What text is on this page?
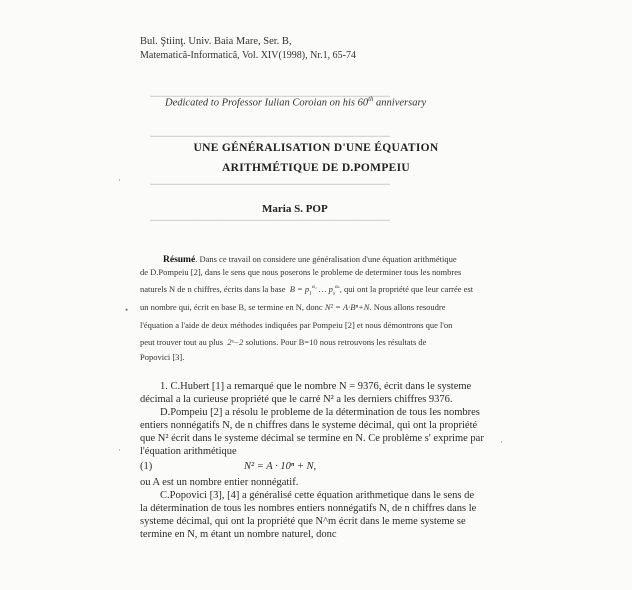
▁▁▁▁▁▁▁▁▁▁▁▁▁▁▁▁▁▁▁▁▁▁▁▁▁▁▁▁▁▁▁▁▁▁▁▁▁▁▁
▁▁▁▁▁▁▁▁▁▁▁▁▁▁▁▁▁▁▁▁▁▁▁▁▁▁▁▁▁▁▁▁▁▁▁▁▁▁▁
▁▁▁▁▁▁▁▁▁▁▁▁▁▁▁▁▁▁▁▁▁▁▁▁▁▁▁▁▁▁▁▁▁▁▁▁▁▁▁
▁▁▁▁▁▁▁▁▁▁▁▁▁▁▁▁▁▁▁▁▁▁▁▁▁▁▁▁▁▁▁▁▁▁▁▁▁▁▁
·
•
·
·
Bul. Ştiinţ. Univ. Baia Mare, Ser. B,
Matematică-Informatică, Vol. XIV(1998), Nr.1, 65-74
Dedicated to Professor Iulian Coroian on his 60th anniversary
UNE GÉNÉRALISATION D'UNE ÉQUATION
ARITHMÉTIQUE DE D.POMPEIU
Maria S. POP
Résumé. Dans ce travail on considere une généralisation d'une équation arithmétique
de D.Pompeiu [2], dans le sens que nous poserons le probleme de determiner tous les nombres
naturels N de n chiffres, écrits dans la base $B = p_1^{\alpha_1}$ … $p_s^{\alpha_s}$, qui ont la propriété que leur carrée est
un nombre qui, écrit en base B, se termine en N, donc N² = A·Bⁿ+N. Nous allons resoudre
l'équation a l'aide de deux méthodes indiquées par Pompeiu [2] et nous démontrons que l'on
peut trouver tout au plus 2ˢ−2 solutions. Pour B=10 nous retrouvons les résultats de
Popovici [3].
1. C.Hubert [1] a remarqué que le nombre N = 9376, écrit dans le systeme
décimal a la curieuse propriété que le carré N² a les derniers chiffres 9376.
D.Pompeiu [2] a résolu le probleme de la détermination de tous les nombres
entiers nonnégatifs N, de n chiffres dans le systeme décimal, qui ont la propriété
que N² écrit dans le systeme décimal se termine en N. Ce problème s' exprime par
l'équation arithmétique
(1)	N² = A · 10ⁿ + N,
ou A est un nombre entier nonnégatif.
C.Popovici [3], [4] a généralisé cette équation arithmetique dans le sens de
la détermination de tous les nombres entiers nonnégatifs N, de n chiffres dans le
systeme décimal, qui ont la propriété que N^m écrit dans le meme systeme se
termine en N, m étant un nombre naturel, donc
